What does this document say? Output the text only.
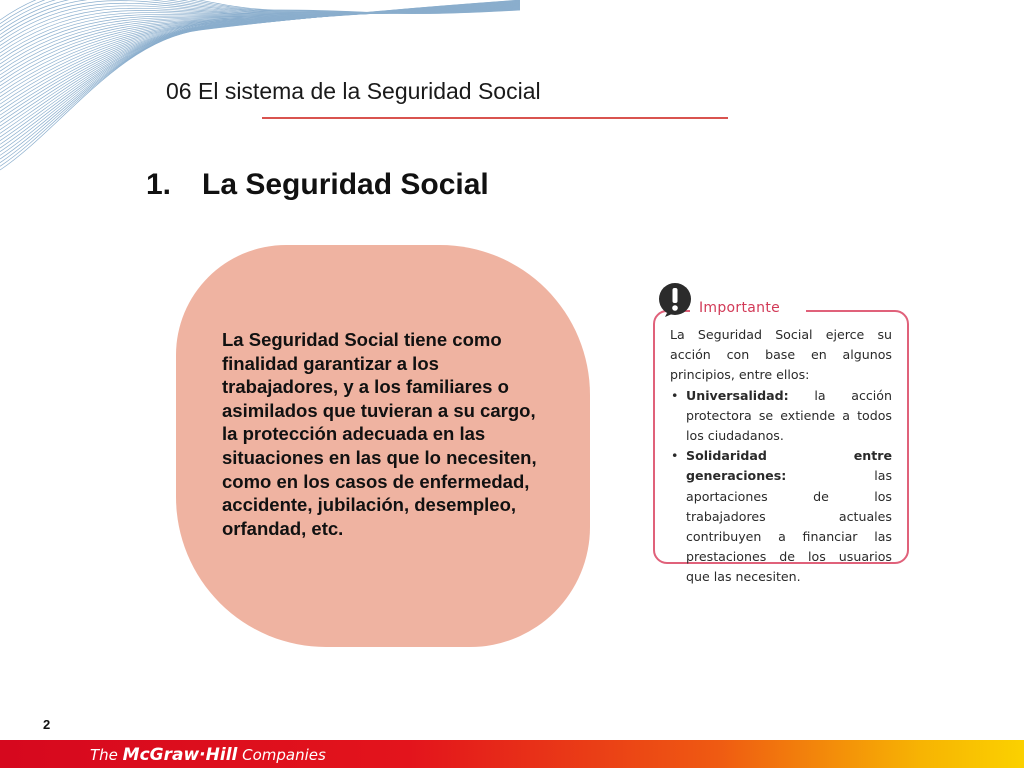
06 El sistema de la Seguridad Social
1. La Seguridad Social
La Seguridad Social tiene como finalidad garantizar a los trabajadores, y a los familiares o asimilados que tuvieran a su cargo, la protección adecuada en las situaciones en las que lo necesiten, como en los casos de enfermedad, accidente, jubilación, desempleo, orfandad, etc.
Importante

La Seguridad Social ejerce su acción con base en algunos principios, entre ellos:

• Universalidad: la acción protectora se extiende a todos los ciudadanos.
• Solidaridad entre generaciones: las aportaciones de los trabajadores actuales contribuyen a financiar las prestaciones de los usuarios que las necesiten.
2
The McGraw·Hill Companies
